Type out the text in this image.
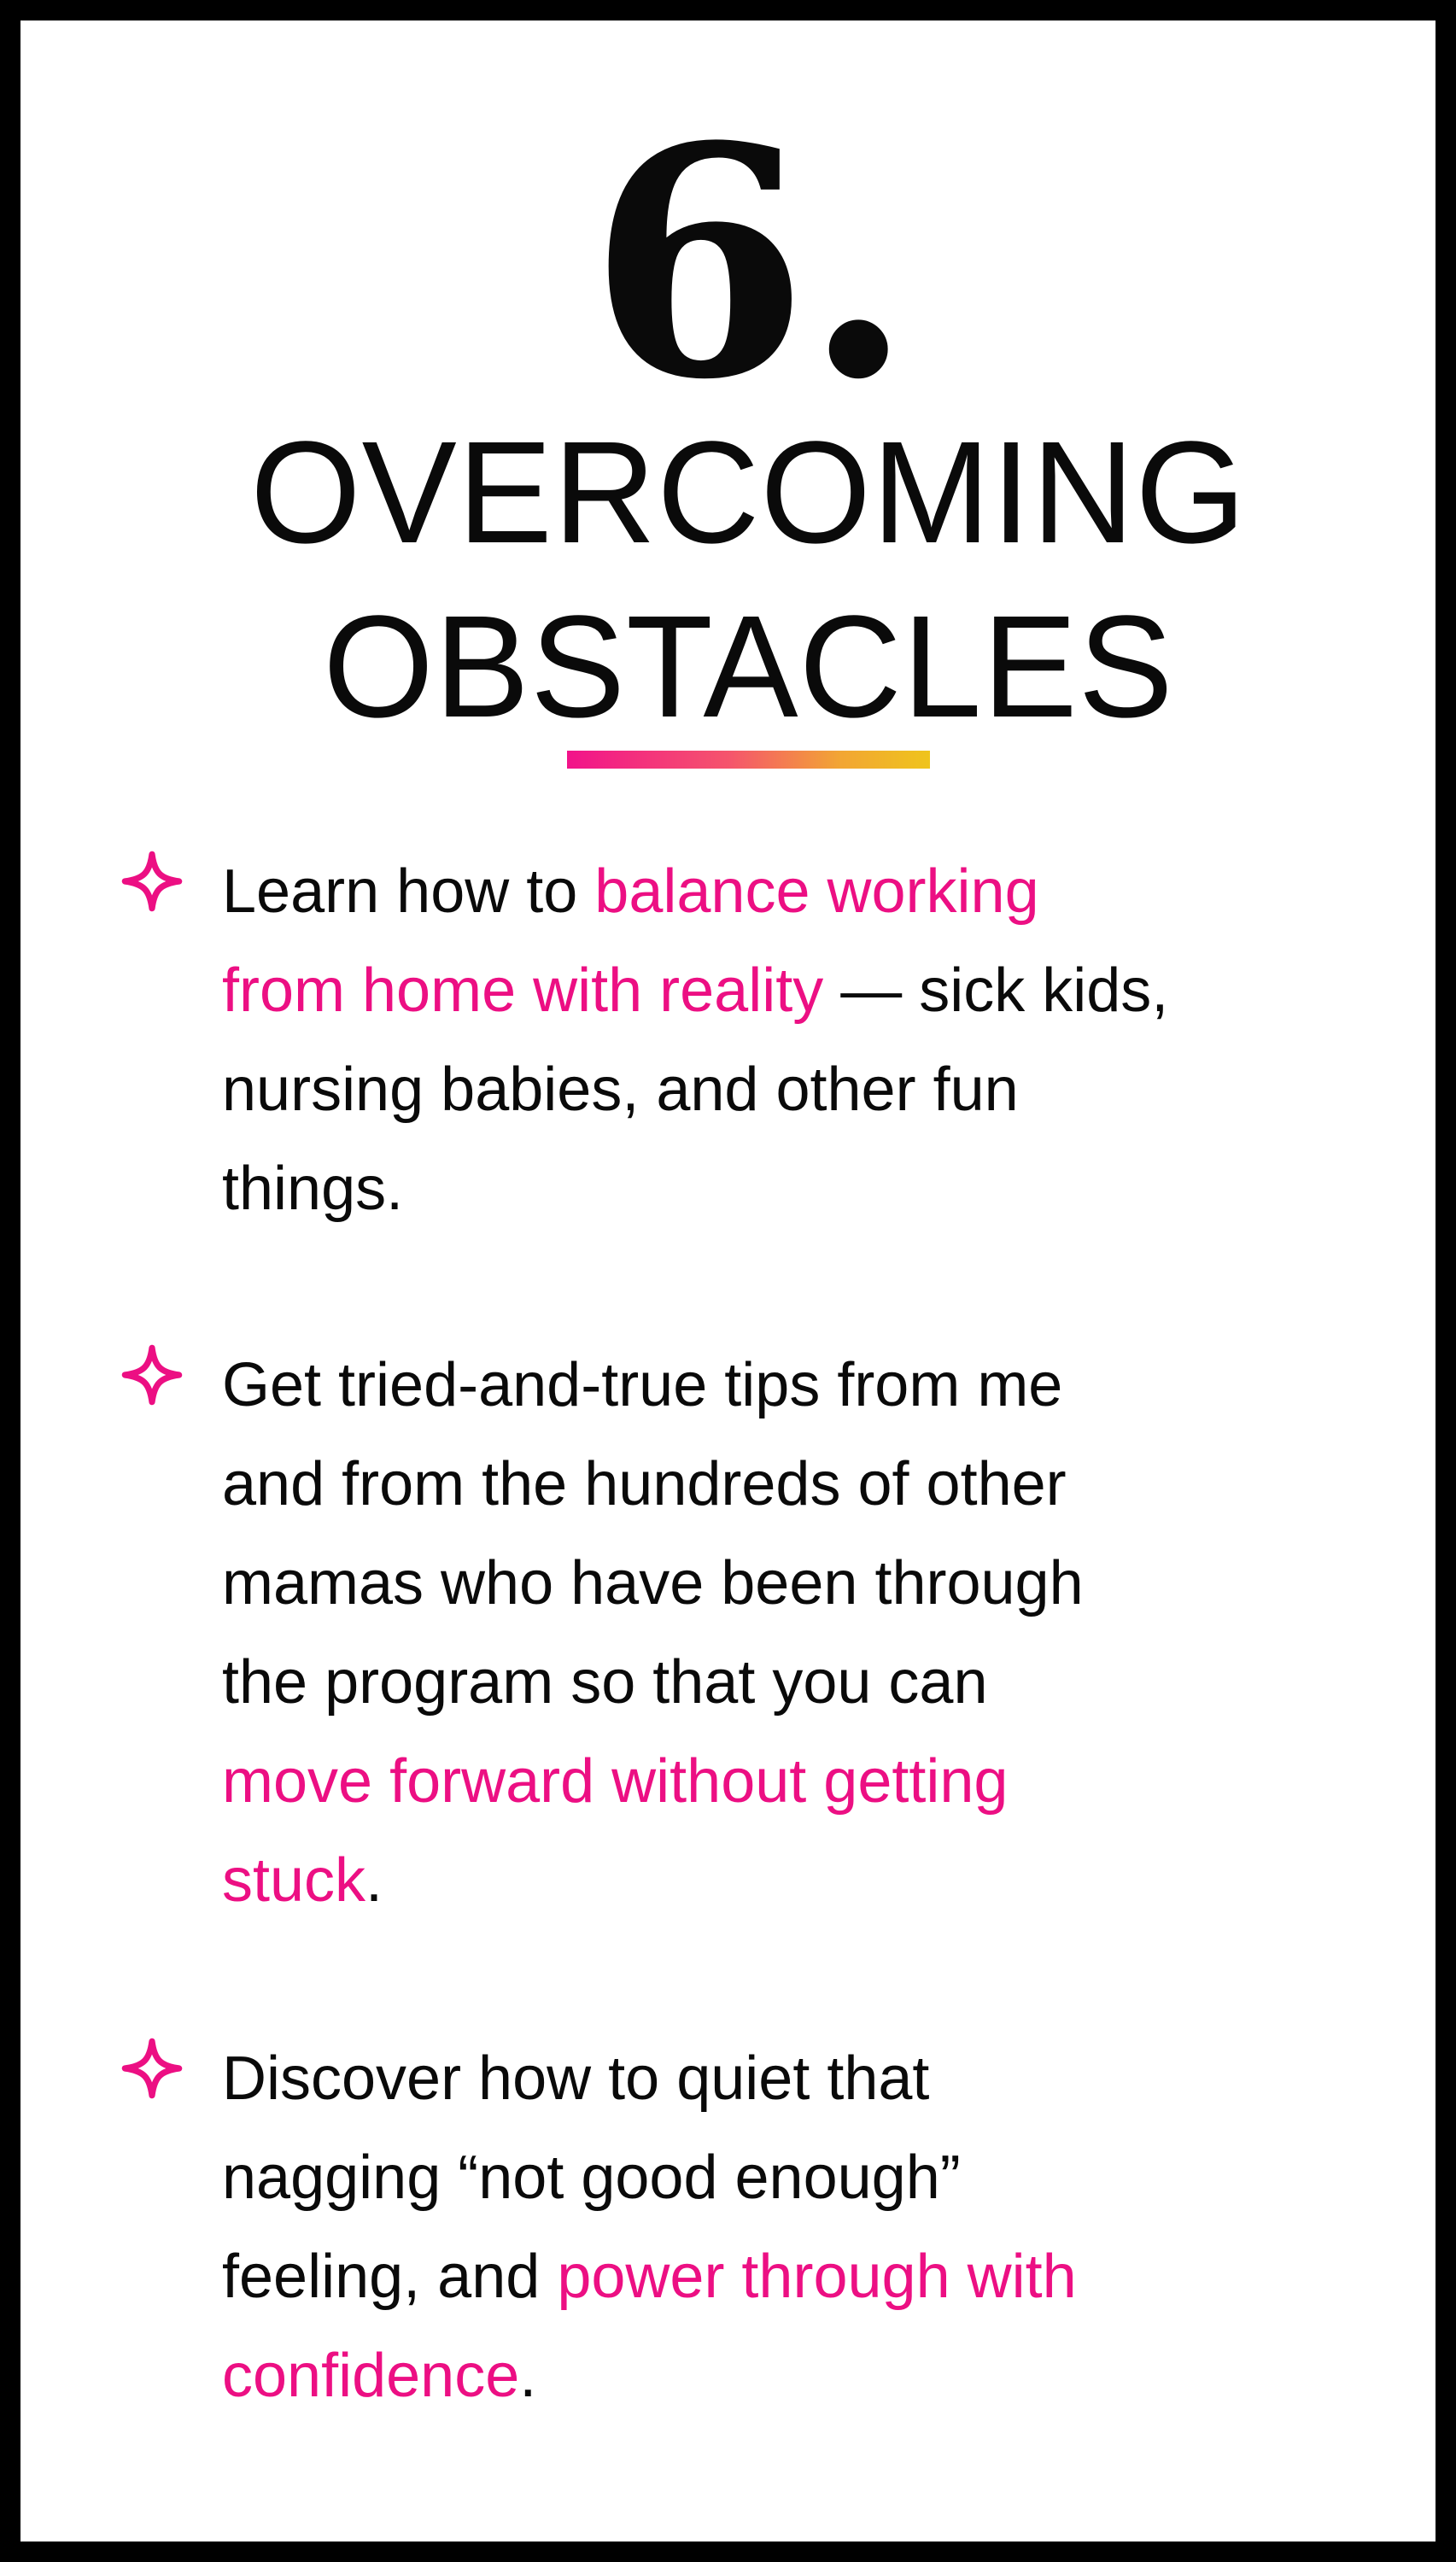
6.
OVERCOMING
OBSTACLES
Learn how to balance working
from home with reality — sick kids,
nursing babies, and other fun
things.
Get tried-and-true tips from me
and from the hundreds of other
mamas who have been through
the program so that you can
move forward without getting
stuck.
Discover how to quiet that
nagging “not good enough”
feeling, and power through with
confidence.
